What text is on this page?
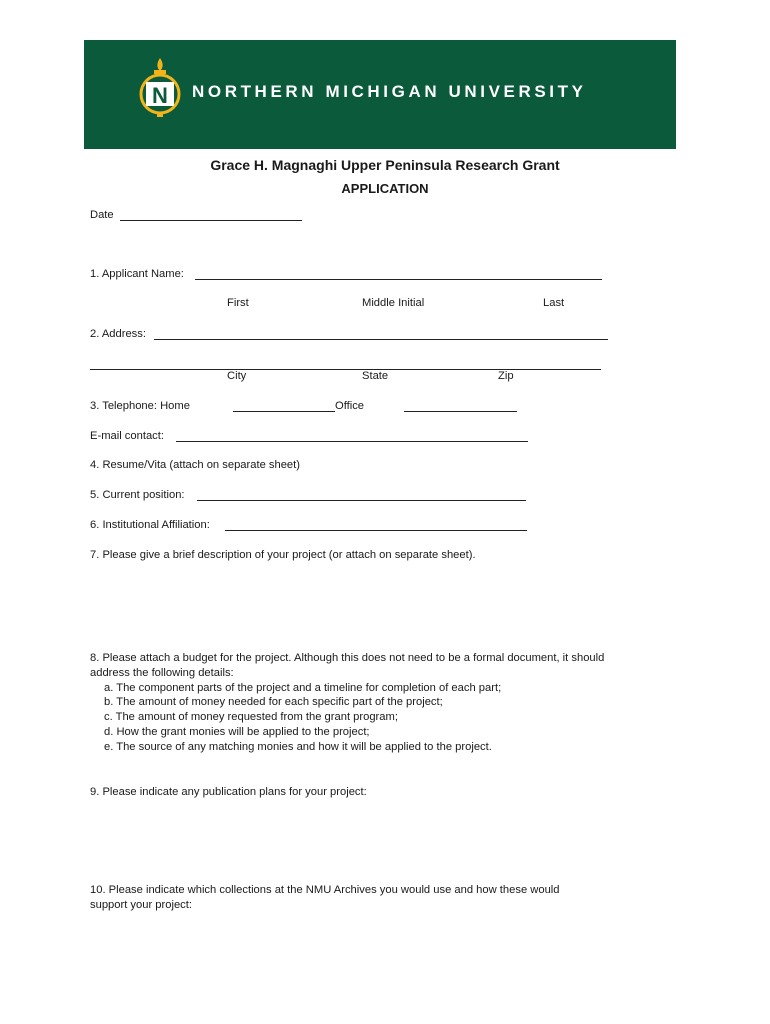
N NORTHERN MICHIGAN UNIVERSITY
Grace H. Magnaghi Upper Peninsula Research Grant
APPLICATION
Date
1. Applicant Name:
First	Middle Initial	Last
2. Address:
City	State	Zip
3. Telephone: Home	Office
E-mail contact:
4. Resume/Vita (attach on separate sheet)
5. Current position:
6. Institutional Affiliation:
7. Please give a brief description of your project (or attach on separate sheet).
8. Please attach a budget for the project. Although this does not need to be a formal document, it should
address the following details:
a. The component parts of the project and a timeline for completion of each part;
b. The amount of money needed for each specific part of the project;
c. The amount of money requested from the grant program;
d. How the grant monies will be applied to the project;
e. The source of any matching monies and how it will be applied to the project.
9. Please indicate any publication plans for your project:
10. Please indicate which collections at the NMU Archives you would use and how these would
support your project:
